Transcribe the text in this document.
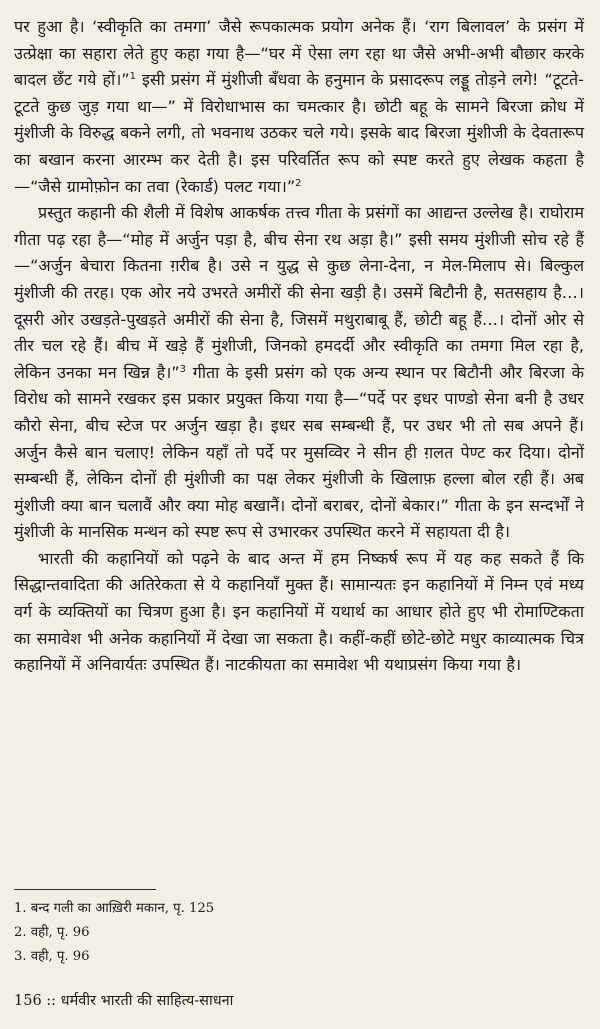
पर हुआ है। ‘स्वीकृति का तमगा’ जैसे रूपकात्मक प्रयोग अनेक हैं। ‘राग बिलावल’ के प्रसंग में उत्प्रेक्षा का सहारा लेते हुए कहा गया है—“घर में ऐसा लग रहा था जैसे अभी-अभी बौछार करके बादल छँट गये हों।”$^1$ इसी प्रसंग में मुंशीजी बँधवा के हनुमान के प्रसादरूप लड्डू तोड़ने लगे! “टूटते-टूटते कुछ जुड़ गया था—” में विरोधाभास का चमत्कार है। छोटी बहू के सामने बिरजा क्रोध में मुंशीजी के विरुद्ध बकने लगी, तो भवनाथ उठकर चले गये। इसके बाद बिरजा मुंशीजी के देवतारूप का बखान करना आरम्भ कर देती है। इस परिवर्तित रूप को स्पष्ट करते हुए लेखक कहता है—“जैसे ग्रामोफ़ोन का तवा (रेकार्ड) पलट गया।”$^2$

प्रस्तुत कहानी की शैली में विशेष आकर्षक तत्त्व गीता के प्रसंगों का आद्यन्त उल्लेख है। राघोराम गीता पढ़ रहा है—“मोह में अर्जुन पड़ा है, बीच सेना रथ अड़ा है।” इसी समय मुंशीजी सोच रहे हैं—“अर्जुन बेचारा कितना ग़रीब है। उसे न युद्ध से कुछ लेना-देना, न मेल-मिलाप से। बिल्कुल मुंशीजी की तरह। एक ओर नये उभरते अमीरों की सेना खड़ी है। उसमें बिटौनी है, सतसहाय है…। दूसरी ओर उखड़ते-पुखड़ते अमीरों की सेना है, जिसमें मथुराबाबू हैं, छोटी बहू हैं…। दोनों ओर से तीर चल रहे हैं। बीच में खड़े हैं मुंशीजी, जिनको हमदर्दी और स्वीकृति का तमगा मिल रहा है, लेकिन उनका मन खिन्न है।”$^3$ गीता के इसी प्रसंग को एक अन्य स्थान पर बिटौनी और बिरजा के विरोध को सामने रखकर इस प्रकार प्रयुक्त किया गया है—“पर्दे पर इधर पाण्डो सेना बनी है उधर कौरो सेना, बीच स्टेज पर अर्जुन खड़ा है। इधर सब सम्बन्धी हैं, पर उधर भी तो सब अपने हैं। अर्जुन कैसे बान चलाए! लेकिन यहाँ तो पर्दे पर मुसव्विर ने सीन ही ग़लत पेण्ट कर दिया। दोनों सम्बन्धी हैं, लेकिन दोनों ही मुंशीजी का पक्ष लेकर मुंशीजी के खिलाफ़ हल्ला बोल रही हैं। अब मुंशीजी क्या बान चलावैं और क्या मोह बखानैं। दोनों बराबर, दोनों बेकार।” गीता के इन सन्दर्भों ने मुंशीजी के मानसिक मन्थन को स्पष्ट रूप से उभारकर उपस्थित करने में सहायता दी है।

भारती की कहानियों को पढ़ने के बाद अन्त में हम निष्कर्ष रूप में यह कह सकते हैं कि सिद्धान्तवादिता की अतिरेकता से ये कहानियाँ मुक्त हैं। सामान्यतः इन कहानियों में निम्न एवं मध्य वर्ग के व्यक्तियों का चित्रण हुआ है। इन कहानियों में यथार्थ का आधार होते हुए भी रोमाण्टिकता का समावेश भी अनेक कहानियों में देखा जा सकता है। कहीं-कहीं छोटे-छोटे मधुर काव्यात्मक चित्र कहानियों में अनिवार्यतः उपस्थित हैं। नाटकीयता का समावेश भी यथाप्रसंग किया गया है।

1. बन्द गली का आख़िरी मकान, पृ. 125
2. वही, पृ. 96
3. वही, पृ. 96
156 :: धर्मवीर भारती की साहित्य-साधना
